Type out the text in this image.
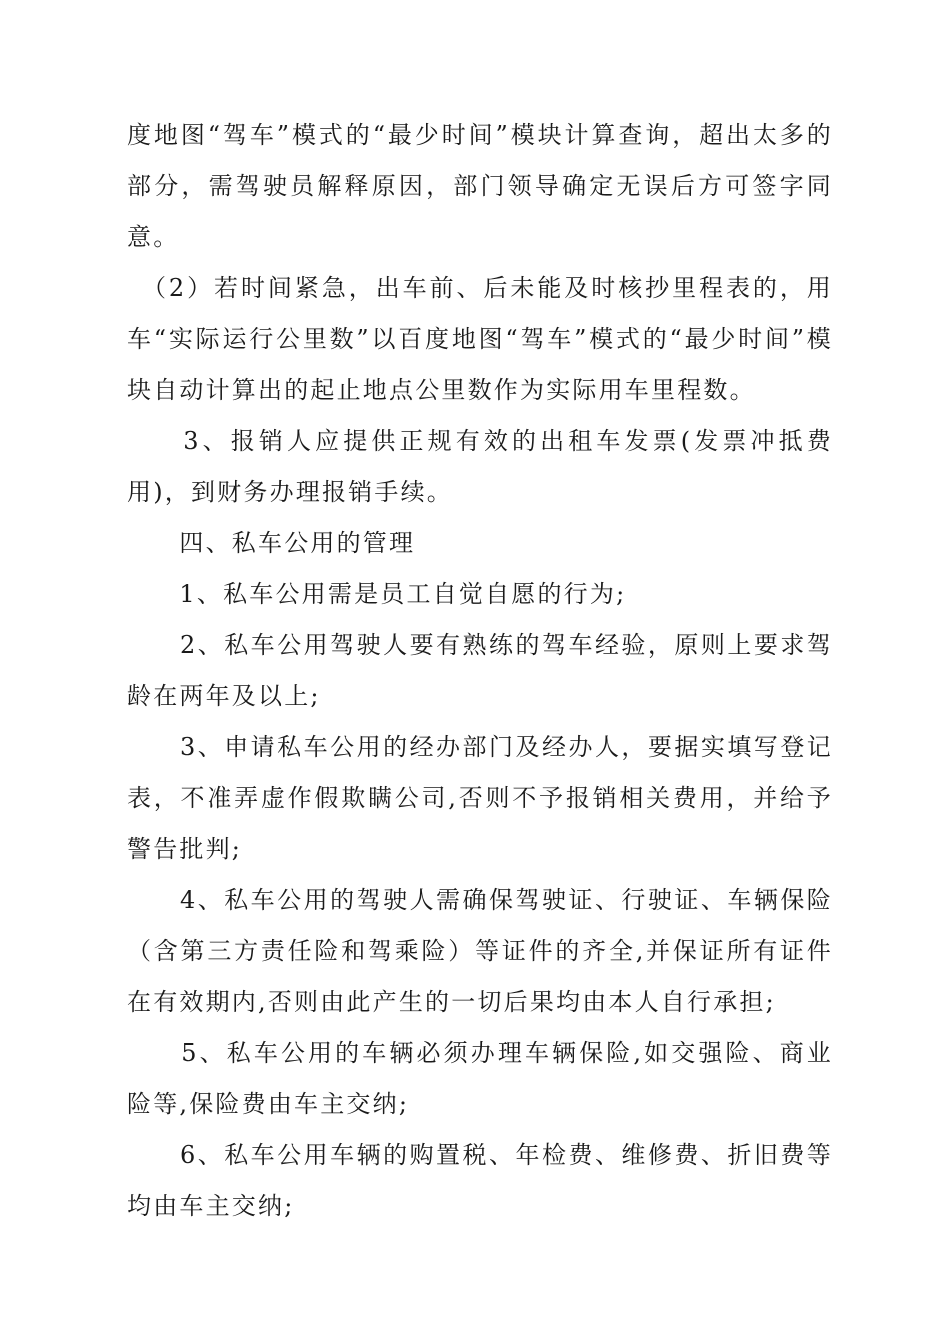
度地图“驾车”模式的“最少时间”模块计算查询，超出太多的部分，需驾驶员解释原因，部门领导确定无误后方可签字同意。

　（2）若时间紧急，出车前、后未能及时核抄里程表的，用车“实际运行公里数”以百度地图“驾车”模式的“最少时间”模块自动计算出的起止地点公里数作为实际用车里程数。

　　3、报销人应提供正规有效的出租车发票(发票冲抵费用)，到财务办理报销手续。

　　四、私车公用的管理

　　1、私车公用需是员工自觉自愿的行为;

　　2、私车公用驾驶人要有熟练的驾车经验，原则上要求驾龄在两年及以上;

　　3、申请私车公用的经办部门及经办人，要据实填写登记表，不准弄虚作假欺瞒公司,否则不予报销相关费用，并给予警告批判;

　　4、私车公用的驾驶人需确保驾驶证、行驶证、车辆保险（含第三方责任险和驾乘险）等证件的齐全,并保证所有证件在有效期内,否则由此产生的一切后果均由本人自行承担;

　　5、私车公用的车辆必须办理车辆保险,如交强险、商业险等,保险费由车主交纳;

　　6、私车公用车辆的购置税、年检费、维修费、折旧费等均由车主交纳;
